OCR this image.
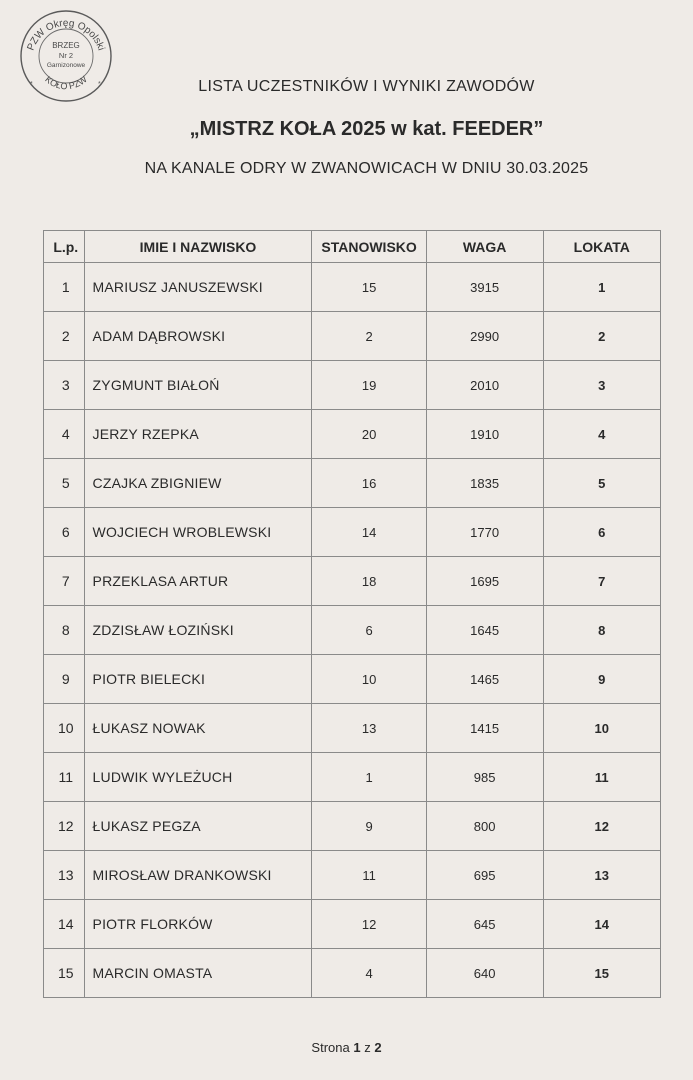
PZW Okręg Opolski
KOŁO PZW
BRZEG
Nr 2
Garnizonowe
*	*	LISTA UCZESTNIKÓW I WYNIKI ZAWODÓW

„MISTRZ KOŁA 2025 w kat. FEEDER”

NA KANALE ODRY W ZWANOWICACH W DNIU 30.03.2025

L.p.	IMIE I NAZWISKO	STANOWISKO	WAGA	LOKATA
1	MARIUSZ JANUSZEWSKI	15	3915	1
2	ADAM DĄBROWSKI	2	2990	2
3	ZYGMUNT BIAŁOŃ	19	2010	3
4	JERZY RZEPKA	20	1910	4
5	CZAJKA ZBIGNIEW	16	1835	5
6	WOJCIECH WROBLEWSKI	14	1770	6
7	PRZEKLASA ARTUR	18	1695	7
8	ZDZISŁAW ŁOZIŃSKI	6	1645	8
9	PIOTR BIELECKI	10	1465	9
10	ŁUKASZ NOWAK	13	1415	10
11	LUDWIK WYLEŻUCH	1	985	11
12	ŁUKASZ PEGZA	9	800	12
13	MIROSŁAW DRANKOWSKI	11	695	13
14	PIOTR FLORKÓW	12	645	14
15	MARCIN OMASTA	4	640	15
Strona 1 z 2
